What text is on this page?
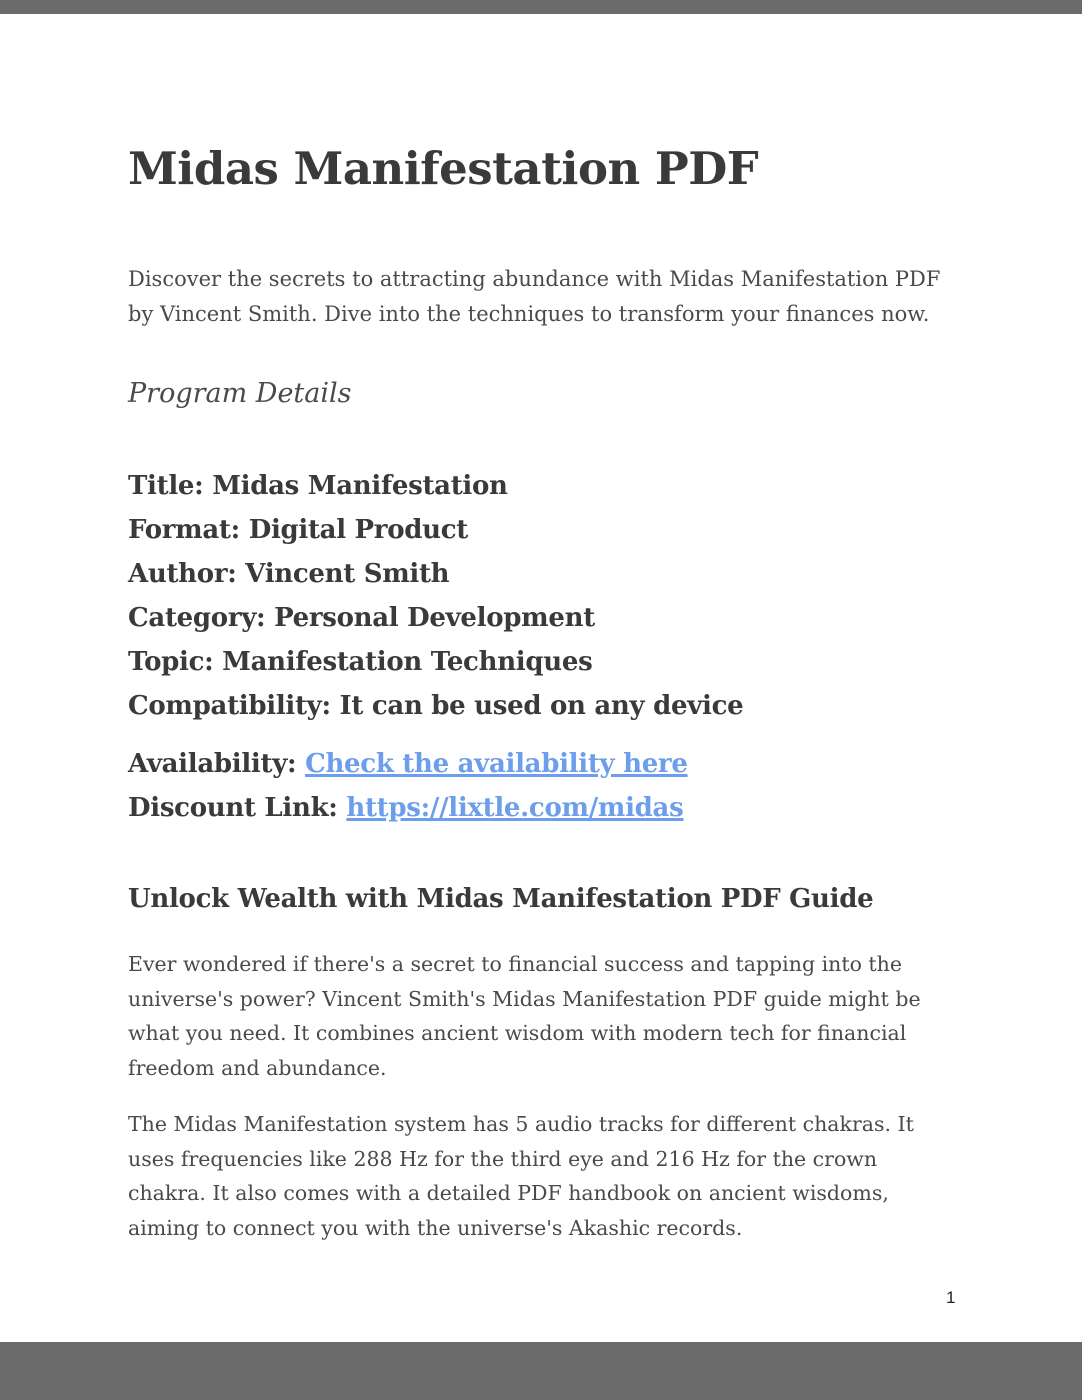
Midas Manifestation PDF

Discover the secrets to attracting abundance with Midas Manifestation PDF by Vincent Smith. Dive into the techniques to transform your finances now.

Program Details

Title: Midas Manifestation
Format: Digital Product
Author: Vincent Smith
Category: Personal Development
Topic: Manifestation Techniques
Compatibility: It can be used on any device
Availability: Check the availability here
Discount Link: https://lixtle.com/midas
Unlock Wealth with Midas Manifestation PDF Guide

Ever wondered if there's a secret to financial success and tapping into the universe's power? Vincent Smith's Midas Manifestation PDF guide might be what you need. It combines ancient wisdom with modern tech for financial freedom and abundance.

The Midas Manifestation system has 5 audio tracks for different chakras. It uses frequencies like 288 Hz for the third eye and 216 Hz for the crown chakra. It also comes with a detailed PDF handbook on ancient wisdoms, aiming to connect you with the universe's Akashic records.

1
